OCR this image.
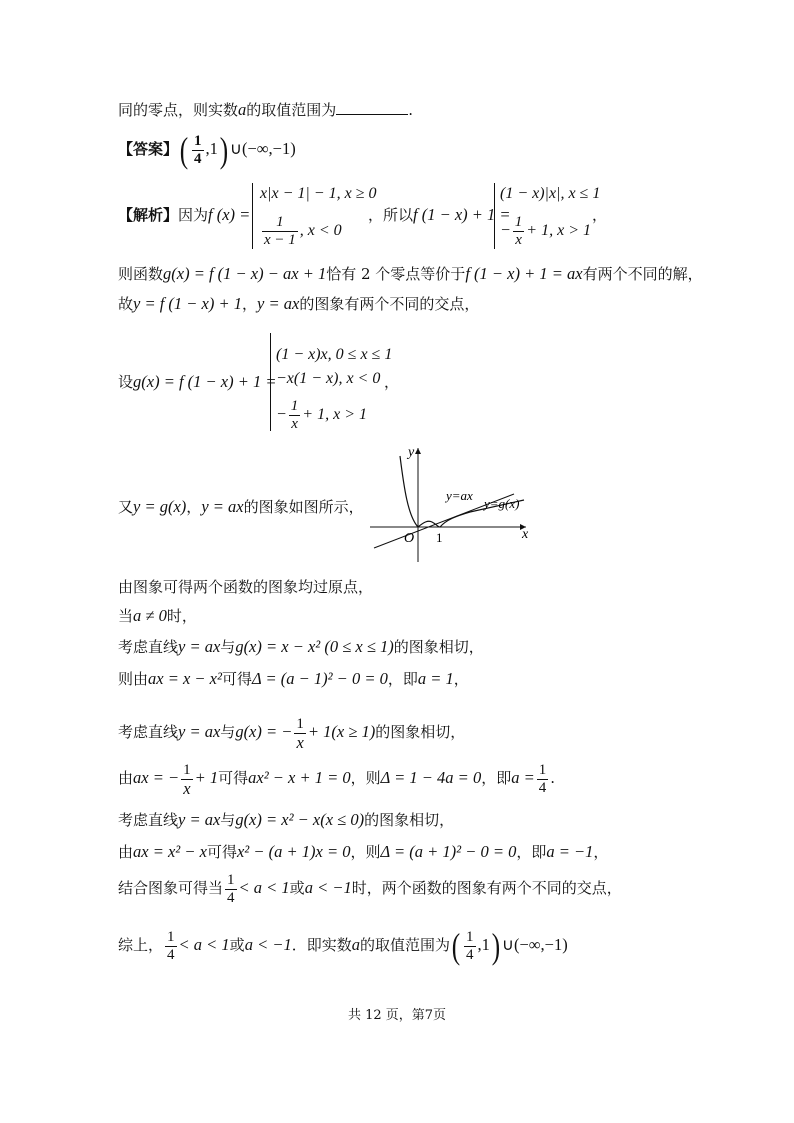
同的零点，则实数a的取值范围为	.
【答案】( $\frac{1}{4} ,1$) ∪(−∞,−1)
【解析】因为f (x) =
x|x − 1| − 1, x ≥ 0
$\frac{1}{x - 1}$ , x < 0
，所以f (1 − x) + 1 =
(1 − x)|x|, x ≤ 1
− $\frac{1}{x} + 1$, x > 1
，
则函数g(x) = f (1 − x) − ax + 1恰有 2 个零点等价于f (1 − x) + 1 = ax有两个不同的解，
故y = f (1 − x) + 1，y = ax的图象有两个不同的交点，
设g(x) = f (1 − x) + 1 =
(1 − x)x, 0 ≤ x ≤ 1
−x(1 − x), x < 0
− $\frac{1}{x} + 1$, x > 1
，
又y = g(x)，y = ax的图象如图所示，
y
x
O 1
y=ax
y=g(x)
由图象可得两个函数的图象均过原点，
当a ≠ 0时，
考虑直线y = ax与g(x) = x − x² (0 ≤ x ≤ 1)的图象相切，
则由ax = x − x²可得Δ = (a − 1)² − 0 = 0，即a = 1，
考虑直线y = ax与g(x) = − $\frac{1}{x} + 1(x \ge 1)$的图象相切，
由ax = − $\frac{1}{x} + 1$可得ax² − x + 1 = 0，则Δ = 1 − 4a = 0，即$a = \frac{1}{4}$ .
考虑直线y = ax与g(x) = x² − x(x ≤ 0)的图象相切，
由ax = x² − x可得x² − (a + 1)x = 0，则Δ = (a + 1)² − 0 = 0，即a = −1，
结合图象可得当 $\frac{1}{4} < a < 1$或a < −1时，两个函数的图象有两个不同的交点，
综上， $\frac{1}{4} < a < 1$或a < −1．即实数a的取值范围为( $\frac{1}{4} ,1$) ∪(−∞,−1)
共 12 页，第7页
